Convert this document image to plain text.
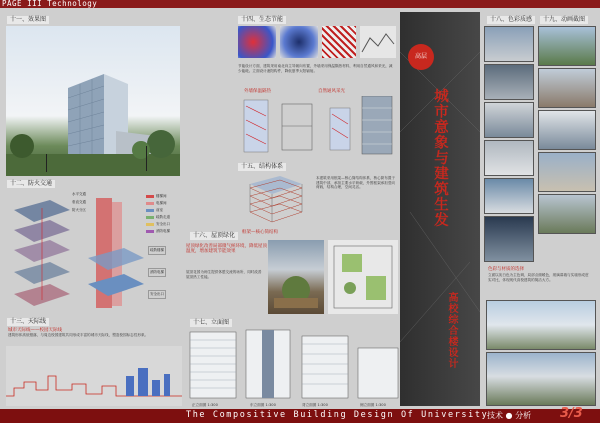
PAGE III Technology
十一、效果图
十二、防火交通
楼梯间
电梯间
前室
疏散走道
安全出口
消防电梯
水平交通
垂直交通
防火分区
疏散楼梯
消防电梯
安全出口
十三、天际线
城市天际线——校园天际线
建筑形体高低错落，与周边校园建筑共同形成丰富的城市天际线，塑造校园标志性形象。
十四、生态节能
节能设计方面，建筑采用南北向主导朝向布置，外墙采用保温隔热材料，利用自然通风和采光，减少能耗。立面设计遮阳构件，降低夏季太阳辐射。
外墙保温隔热	自然通风采光
十五、结构体系
框架—核心筒结构
本建筑采用框架—核心筒结构体系，核心筒布置于建筑中部，承担主要水平荷载，外围框架承担竖向荷载，结构合理，空间灵活。
十六、屋顶绿化
屋顶绿化改善局部微气候环境，降低屋顶温度，增加建筑节能效果
屋顶花园为师生提供休憩交流的场所，同时改善屋顶热工性能。
十七、立面图
正立面图 1:300	东立面图 1:300	背立面图 1:300	侧立面图 1:300
高层
城市意象与建筑生发
高校综合楼设计
十八、色彩质感
色彩与材质的选择
立面以灰白色为主色调，局部点缀暖色，玻璃幕墙与实墙形成虚实对比，体现现代高校建筑的简洁大方。
十九、动画截图
The Compositive Building Design Of University
技术 ● 分析 3/3
